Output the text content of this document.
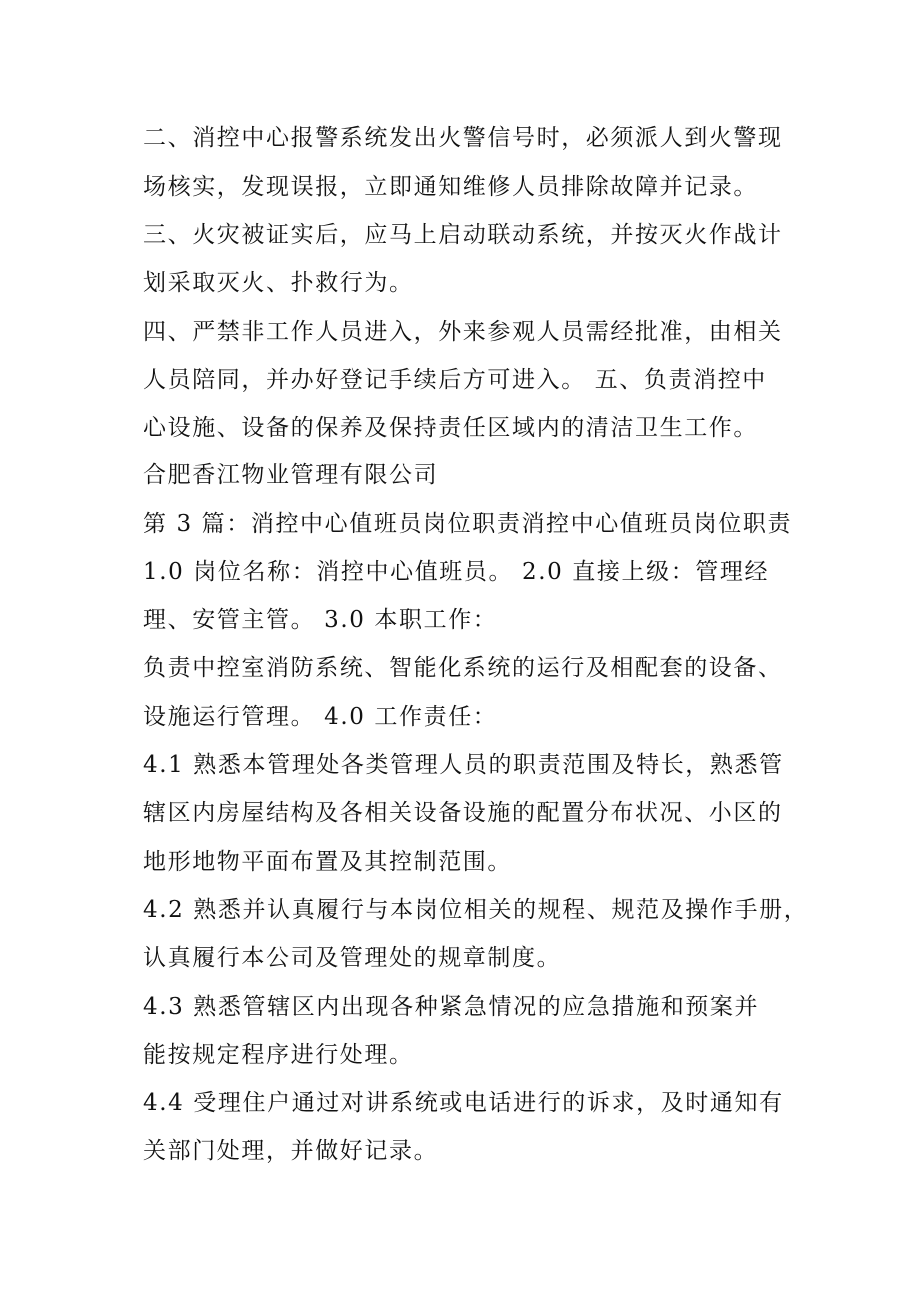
二、消控中心报警系统发出火警信号时，必须派人到火警现
场核实，发现误报，立即通知维修人员排除故障并记录。
三、火灾被证实后，应马上启动联动系统，并按灭火作战计
划采取灭火、扑救行为。
四、严禁非工作人员进入，外来参观人员需经批准，由相关
人员陪同，并办好登记手续后方可进入。 五、负责消控中
心设施、设备的保养及保持责任区域内的清洁卫生工作。
合肥香江物业管理有限公司
第 3 篇：消控中心值班员岗位职责消控中心值班员岗位职责
1.0 岗位名称：消控中心值班员。 2.0 直接上级：管理经
理、安管主管。 3.0 本职工作：
负责中控室消防系统、智能化系统的运行及相配套的设备、
设施运行管理。 4.0 工作责任：
4.1 熟悉本管理处各类管理人员的职责范围及特长，熟悉管
辖区内房屋结构及各相关设备设施的配置分布状况、小区的
地形地物平面布置及其控制范围。
4.2 熟悉并认真履行与本岗位相关的规程、规范及操作手册，
认真履行本公司及管理处的规章制度。
4.3 熟悉管辖区内出现各种紧急情况的应急措施和预案并
能按规定程序进行处理。
4.4 受理住户通过对讲系统或电话进行的诉求，及时通知有
关部门处理，并做好记录。
